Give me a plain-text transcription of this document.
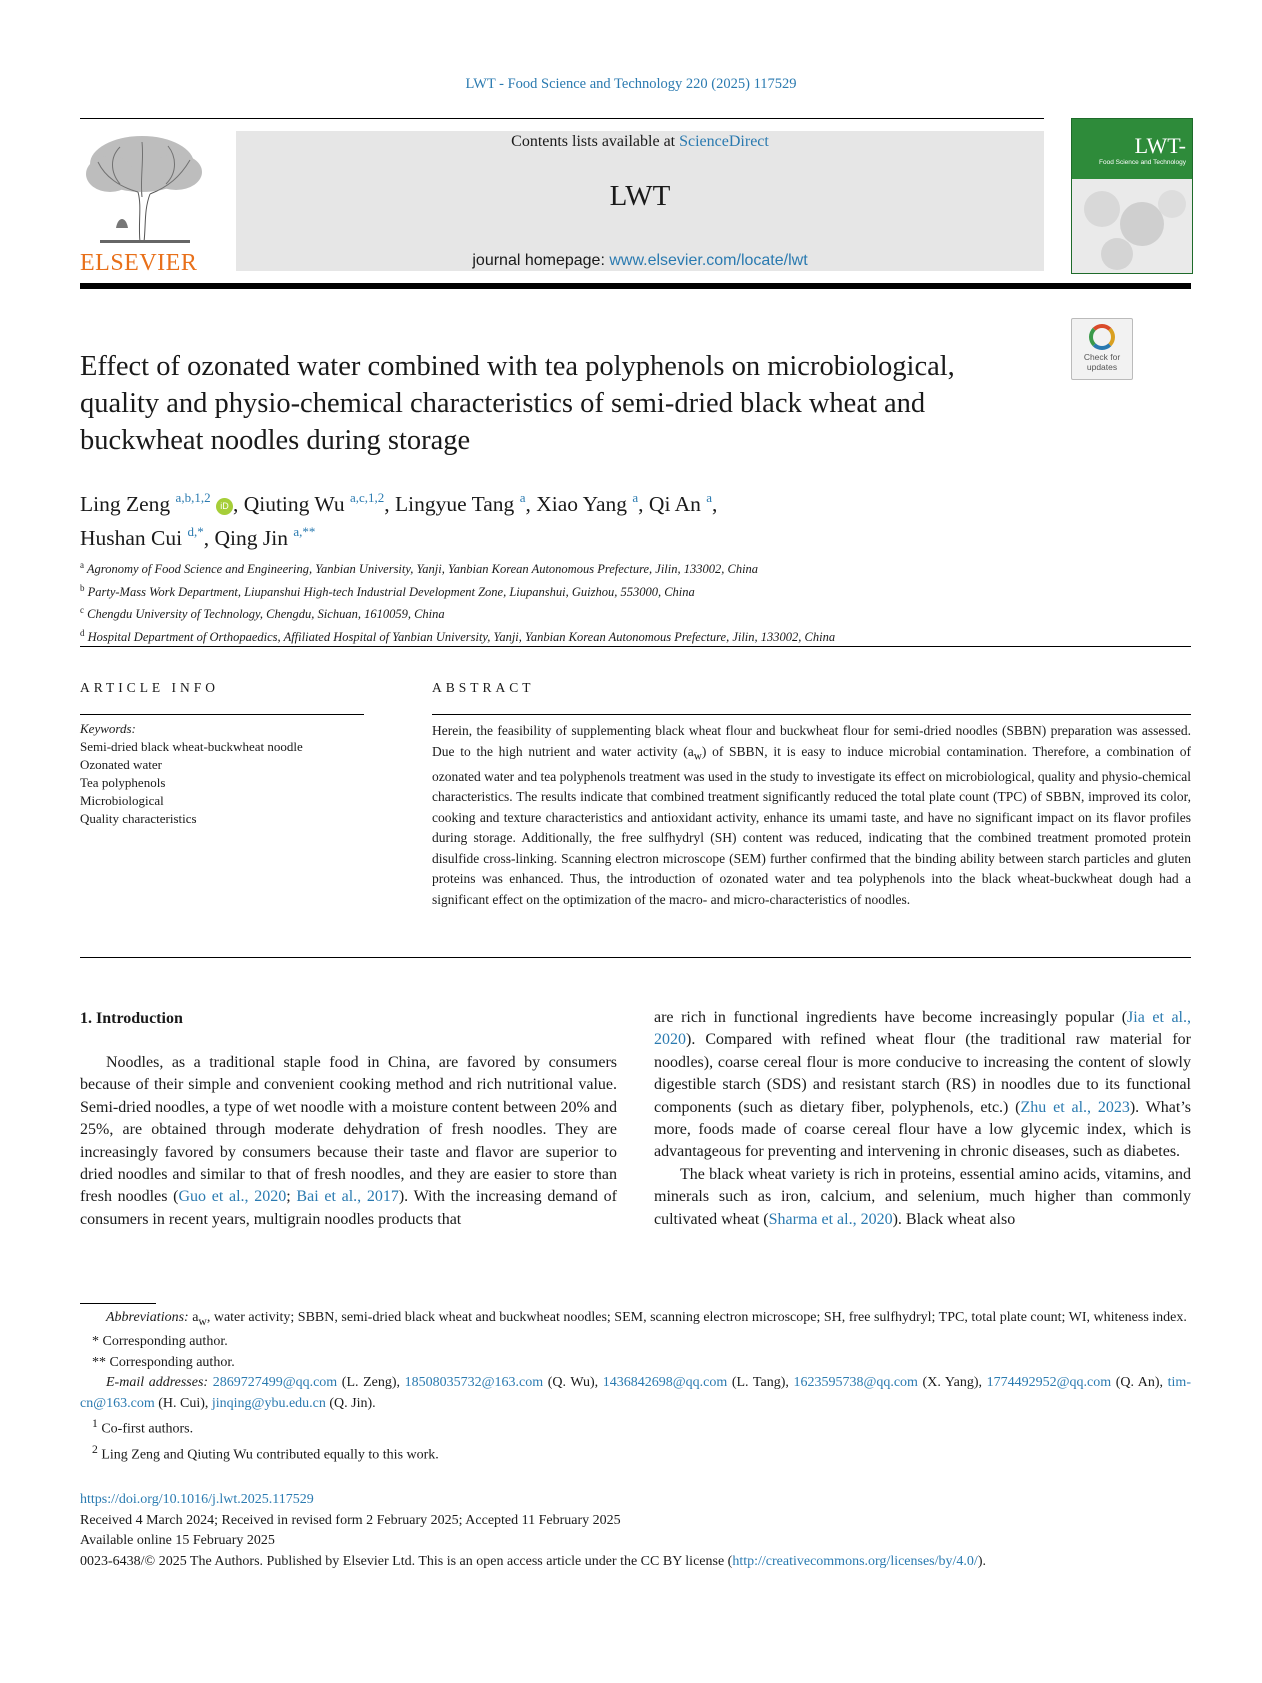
LWT - Food Science and Technology 220 (2025) 117529
ELSEVIER
Contents lists available at ScienceDirect
LWT
journal homepage: www.elsevier.com/locate/lwt
LWT-
Food Science and Technology
Check for updates
Effect of ozonated water combined with tea polyphenols on microbiological, quality and physio-chemical characteristics of semi-dried black wheat and buckwheat noodles during storage
Ling Zeng $^{a,b,1,2}$ iD , Qiuting Wu $^{a,c,1,2}$, Lingyue Tang $^a$, Xiao Yang $^a$, Qi An $^a$,
Hushan Cui $^{d,*}$, Qing Jin $^{a,**}$
$^a$ Agronomy of Food Science and Engineering, Yanbian University, Yanji, Yanbian Korean Autonomous Prefecture, Jilin, 133002, China
$^b$ Party-Mass Work Department, Liupanshui High-tech Industrial Development Zone, Liupanshui, Guizhou, 553000, China
$^c$ Chengdu University of Technology, Chengdu, Sichuan, 1610059, China
$^d$ Hospital Department of Orthopaedics, Affiliated Hospital of Yanbian University, Yanji, Yanbian Korean Autonomous Prefecture, Jilin, 133002, China
ARTICLE INFO	ABSTRACT
Keywords:
Semi-dried black wheat-buckwheat noodle
Ozonated water
Tea polyphenols
Microbiological
Quality characteristics
Herein, the feasibility of supplementing black wheat flour and buckwheat flour for semi-dried noodles (SBBN) preparation was assessed. Due to the high nutrient and water activity $(a_w)$ of SBBN, it is easy to induce microbial contamination. Therefore, a combination of ozonated water and tea polyphenols treatment was used in the study to investigate its effect on microbiological, quality and physio-chemical characteristics. The results indicate that combined treatment significantly reduced the total plate count (TPC) of SBBN, improved its color, cooking and texture characteristics and antioxidant activity, enhance its umami taste, and have no significant impact on its flavor profiles during storage. Additionally, the free sulfhydryl (SH) content was reduced, indicating that the combined treatment promoted protein disulfide cross-linking. Scanning electron microscope (SEM) further confirmed that the binding ability between starch particles and gluten proteins was enhanced. Thus, the introduction of ozonated water and tea polyphenols into the black wheat-buckwheat dough had a significant effect on the optimization of the macro- and micro-characteristics of noodles.
1. Introduction

Noodles, as a traditional staple food in China, are favored by consumers because of their simple and convenient cooking method and rich nutritional value. Semi-dried noodles, a type of wet noodle with a moisture content between 20% and 25%, are obtained through moderate dehydration of fresh noodles. They are increasingly favored by consumers because their taste and flavor are superior to dried noodles and similar to that of fresh noodles, and they are easier to store than fresh noodles (Guo et al., 2020; Bai et al., 2017). With the increasing demand of consumers in recent years, multigrain noodles products that

are rich in functional ingredients have become increasingly popular (Jia et al., 2020). Compared with refined wheat flour (the traditional raw material for noodles), coarse cereal flour is more conducive to increasing the content of slowly digestible starch (SDS) and resistant starch (RS) in noodles due to its functional components (such as dietary fiber, polyphenols, etc.) (Zhu et al., 2023). What’s more, foods made of coarse cereal flour have a low glycemic index, which is advantageous for preventing and intervening in chronic diseases, such as diabetes.

The black wheat variety is rich in proteins, essential amino acids, vitamins, and minerals such as iron, calcium, and selenium, much higher than commonly cultivated wheat (Sharma et al., 2020). Black wheat also

Abbreviations: $a_w$, water activity; SBBN, semi-dried black wheat and buckwheat noodles; SEM, scanning electron microscope; SH, free sulfhydryl; TPC, total plate count; WI, whiteness index.

* Corresponding author.

** Corresponding author.

E-mail addresses: 2869727499@qq.com (L. Zeng), 18508035732@163.com (Q. Wu), 1436842698@qq.com (L. Tang), 1623595738@qq.com (X. Yang), 1774492952@qq.com (Q. An), tim-cn@163.com (H. Cui), jinqing@ybu.edu.cn (Q. Jin).

$^1$ Co-first authors.

$^2$ Ling Zeng and Qiuting Wu contributed equally to this work.

https://doi.org/10.1016/j.lwt.2025.117529

Received 4 March 2024; Received in revised form 2 February 2025; Accepted 11 February 2025

Available online 15 February 2025

0023-6438/© 2025 The Authors. Published by Elsevier Ltd. This is an open access article under the CC BY license (http://creativecommons.org/licenses/by/4.0/).
